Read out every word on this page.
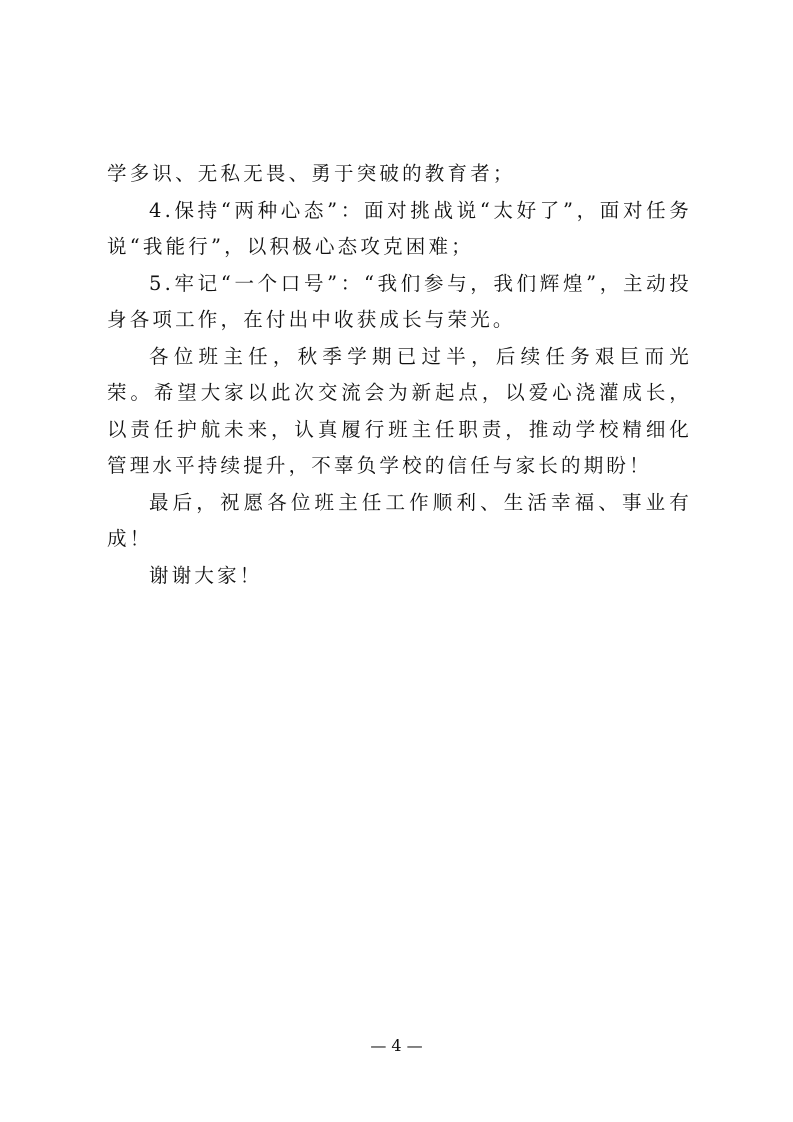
学多识、无私无畏、勇于突破的教育者；

4.保持“两种心态”：面对挑战说“太好了”，面对任务说“我能行”，以积极心态攻克困难；

5.牢记“一个口号”：“我们参与，我们辉煌”，主动投身各项工作，在付出中收获成长与荣光。

各位班主任，秋季学期已过半，后续任务艰巨而光荣。希望大家以此次交流会为新起点，以爱心浇灌成长，以责任护航未来，认真履行班主任职责，推动学校精细化管理水平持续提升，不辜负学校的信任与家长的期盼！

最后，祝愿各位班主任工作顺利、生活幸福、事业有成！

谢谢大家！

— 4 —
